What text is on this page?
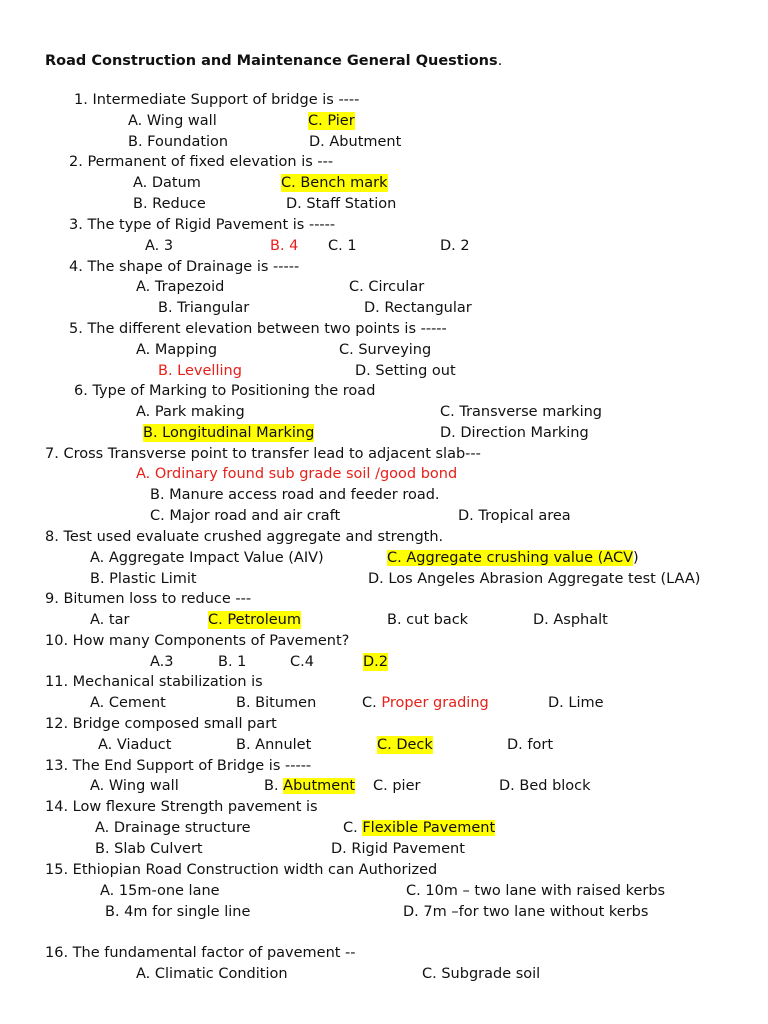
Road Construction and Maintenance General Questions.
1. Intermediate Support of bridge is ----
A. Wing wall	C. Pier
B. Foundation	D. Abutment
2. Permanent of fixed elevation is ---
A. Datum	C. Bench mark
B. Reduce	D. Staff Station
3. The type of Rigid Pavement is -----
A. 3	B. 4 C. 1	D. 2
4. The shape of Drainage is -----
A. Trapezoid	C. Circular
B. Triangular	D. Rectangular
5. The different elevation between two points is -----
A. Mapping	C. Surveying
B. Levelling	D. Setting out
6. Type of Marking to Positioning the road
A. Park making	C. Transverse marking
B. Longitudinal Marking	D. Direction Marking
7. Cross Transverse point to transfer lead to adjacent slab---
A. Ordinary found sub grade soil /good bond
B. Manure access road and feeder road.
C. Major road and air craft	D. Tropical area
8. Test used evaluate crushed aggregate and strength.
A. Aggregate Impact Value (AIV)	C. Aggregate crushing value (ACV)
B. Plastic Limit	D. Los Angeles Abrasion Aggregate test (LAA)
9. Bitumen loss to reduce ---
A. tar	C. Petroleum	B. cut back	D. Asphalt
10. How many Components of Pavement?
A.3	B. 1	C.4	D.2
11. Mechanical stabilization is
A. Cement	B. Bitumen	C. Proper grading	D. Lime
12. Bridge composed small part
A. Viaduct	B. Annulet	C. Deck	D. fort
13. The End Support of Bridge is -----
A. Wing wall	B. Abutment C. pier	D. Bed block
14. Low flexure Strength pavement is
A. Drainage structure	C. Flexible Pavement
B. Slab Culvert	D. Rigid Pavement
15. Ethiopian Road Construction width can Authorized
A. 15m-one lane	C. 10m – two lane with raised kerbs
B. 4m for single line	D. 7m –for two lane without kerbs
16. The fundamental factor of pavement --
A. Climatic Condition	C. Subgrade soil
